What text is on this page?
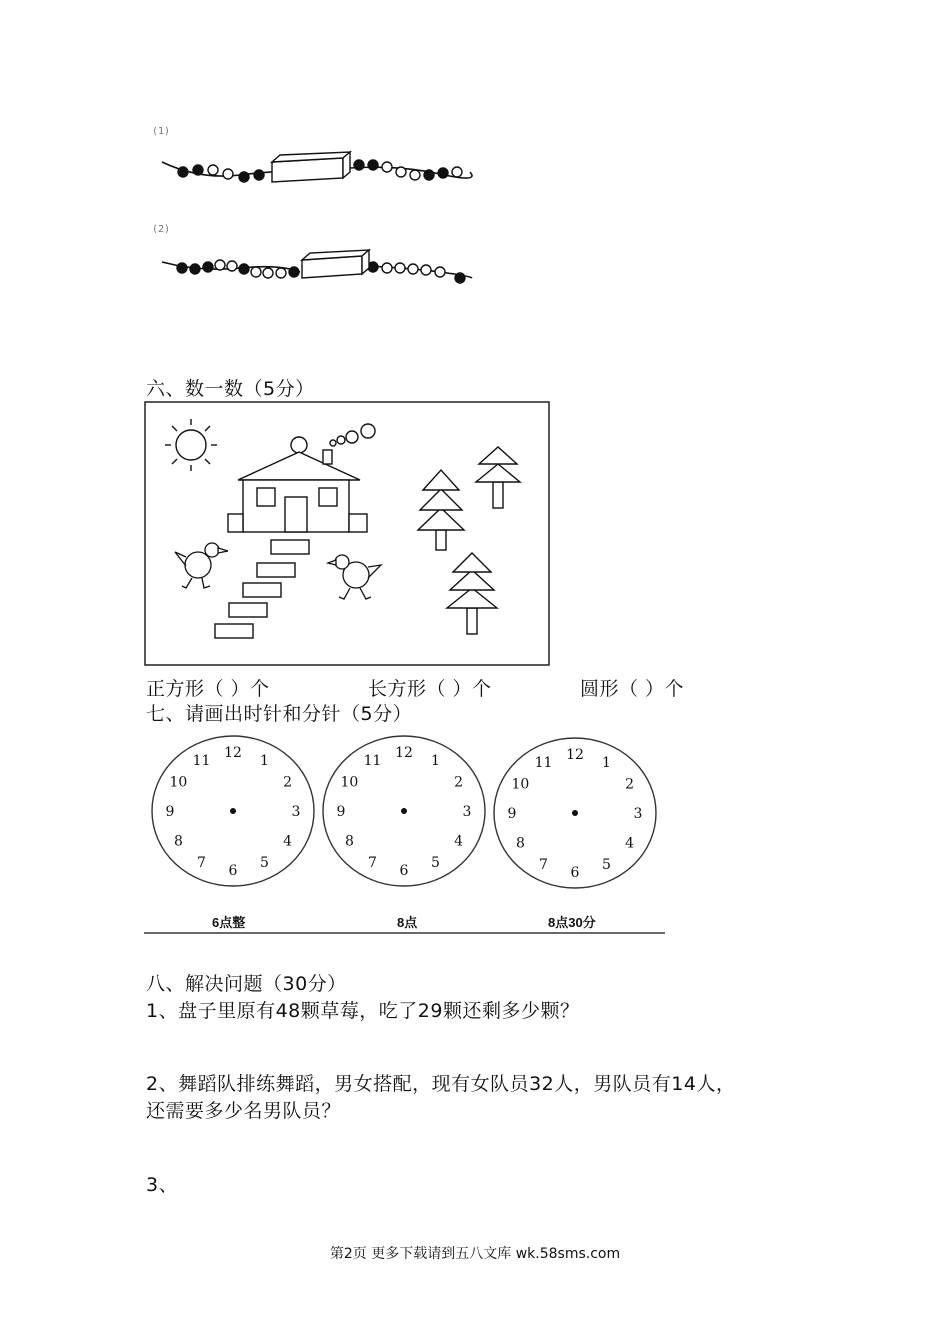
(1)
(2)
六、数一数（5分）
正方形（ ）个	长方形（ ）个	圆形（ ）个
七、请画出时针和分针（5分）
12 1
2
3
4
5
6
7
8
9
10
11	12 1
2
3
4
5
6
7
8
9
10
11	12 1
2
3
4
5
6
7
8
9
10
11
6点整	8点	8点30分
八、解决问题（30分）
1、盘子里原有48颗草莓，吃了29颗还剩多少颗？
2、舞蹈队排练舞蹈，男女搭配，现有女队员32人，男队员有14人，
还需要多少名男队员？
3、
第2页 更多下载请到五八文库 wk.58sms.com
